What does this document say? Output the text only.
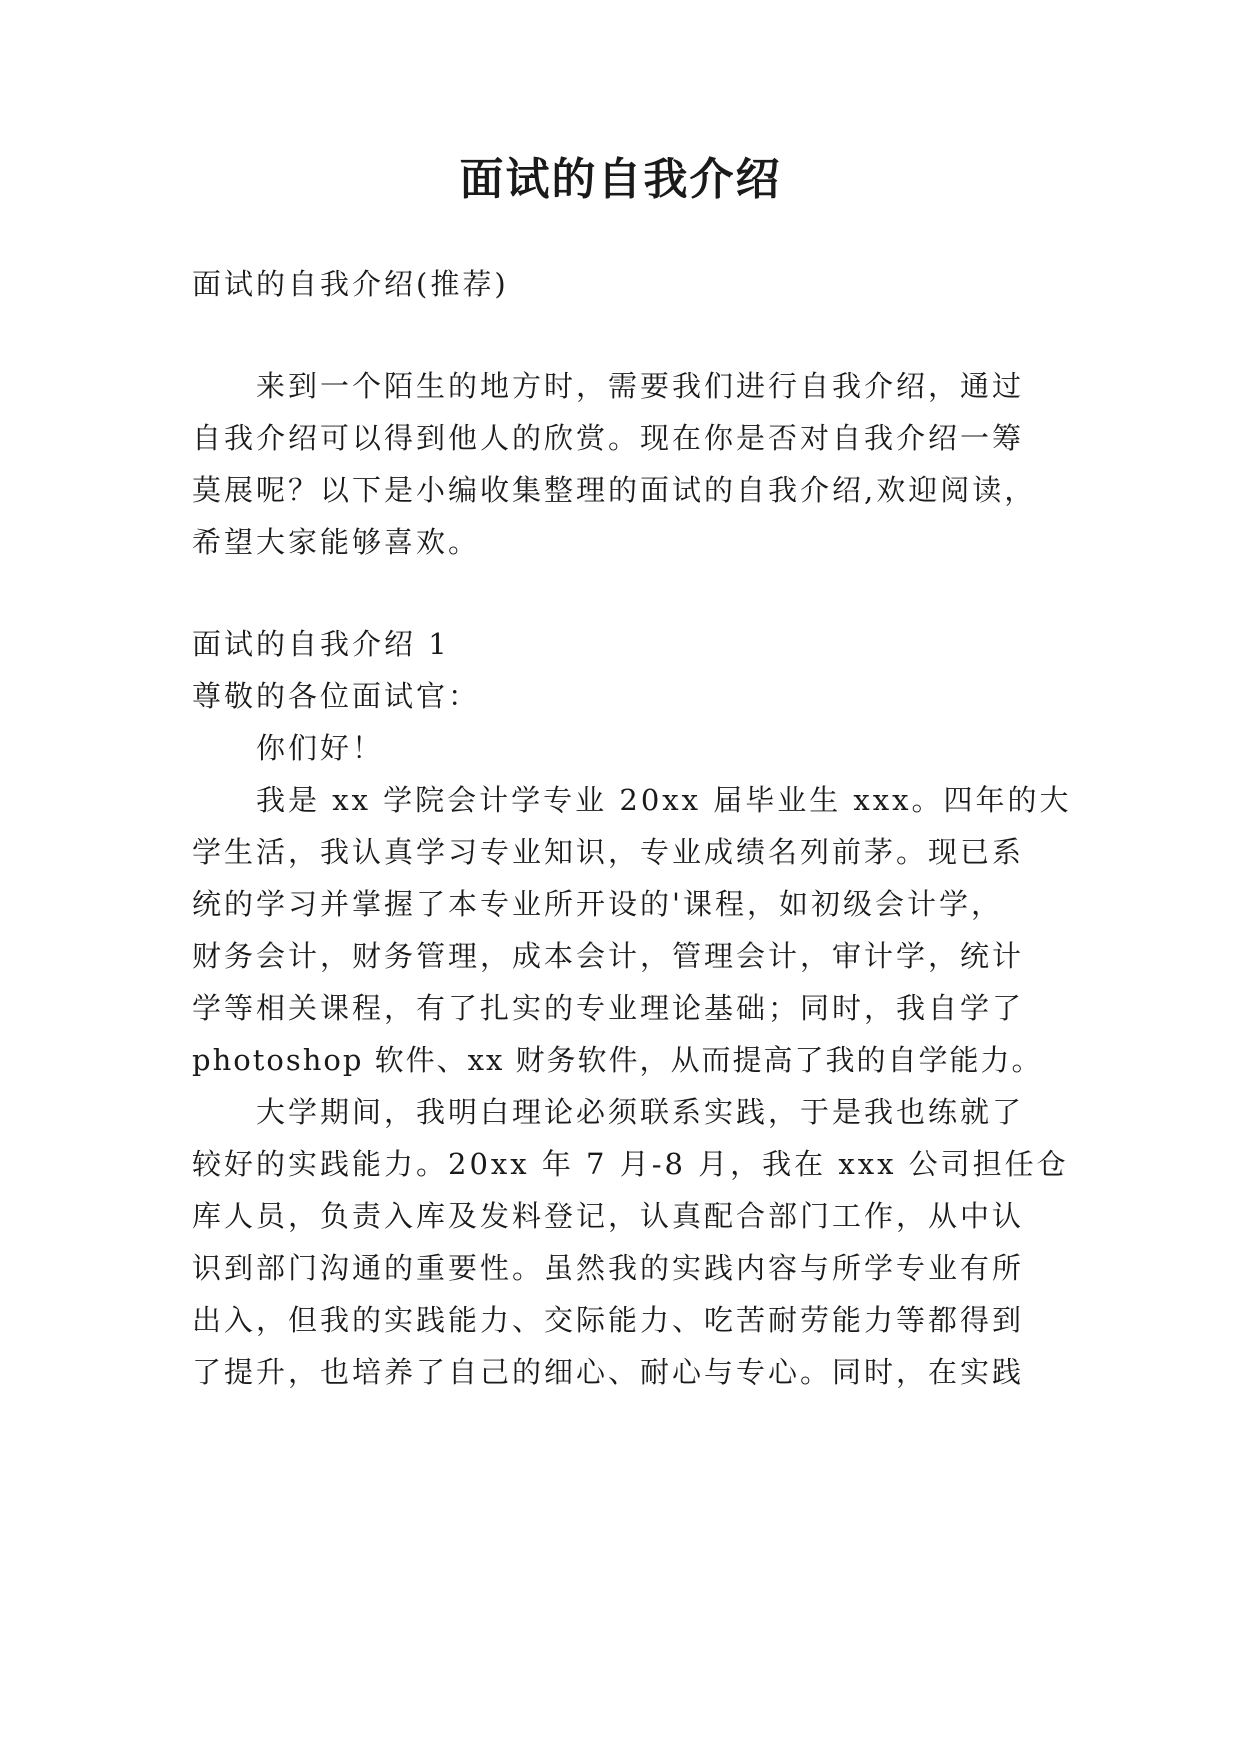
面试的自我介绍
面试的自我介绍(推荐)
来到一个陌生的地方时，需要我们进行自我介绍，通过
自我介绍可以得到他人的欣赏。现在你是否对自我介绍一筹
莫展呢？以下是小编收集整理的面试的自我介绍,欢迎阅读，
希望大家能够喜欢。
面试的自我介绍 1
尊敬的各位面试官：
你们好！
我是 xx 学院会计学专业 20xx 届毕业生 xxx。四年的大
学生活，我认真学习专业知识，专业成绩名列前茅。现已系
统的学习并掌握了本专业所开设的'课程，如初级会计学，
财务会计，财务管理，成本会计，管理会计，审计学，统计
学等相关课程，有了扎实的专业理论基础；同时，我自学了
photoshop 软件、xx 财务软件，从而提高了我的自学能力。
大学期间，我明白理论必须联系实践，于是我也练就了
较好的实践能力。20xx 年 7 月-8 月，我在 xxx 公司担任仓
库人员，负责入库及发料登记，认真配合部门工作，从中认
识到部门沟通的重要性。虽然我的实践内容与所学专业有所
出入，但我的实践能力、交际能力、吃苦耐劳能力等都得到
了提升，也培养了自己的细心、耐心与专心。同时，在实践
